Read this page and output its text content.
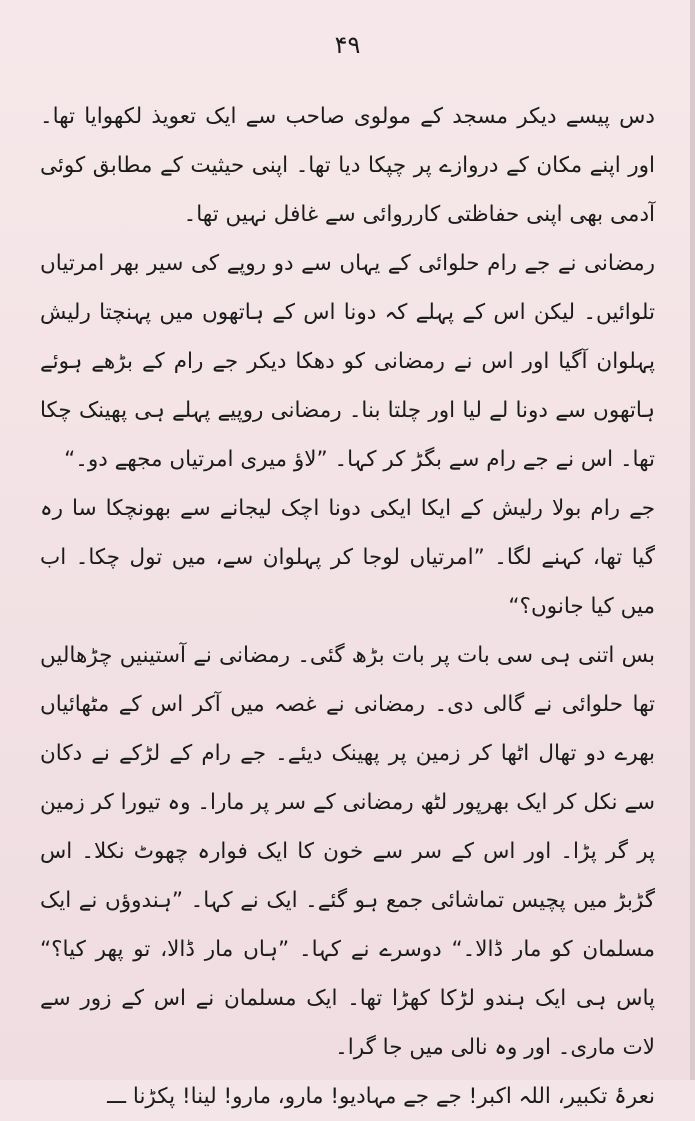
۴۹

دس پیسے دیکر مسجد کے مولوی صاحب سے ایک تعویذ لکھوایا تھا۔ اور اپنے مکان کے دروازے پر چپکا دیا تھا۔ اپنی حیثیت کے مطابق کوئی آدمی بھی اپنی حفاظتی کارروائی سے غافل نہیں تھا۔

رمضانی نے جے رام حلوائی کے یہاں سے دو روپے کی سیر بھر امرتیاں تلوائیں۔ لیکن اس کے پہلے کہ دونا اس کے ہاتھوں میں پہنچتا رلیش پہلوان آگیا اور اس نے رمضانی کو دھکا دیکر جے رام کے بڑھے ہوئے ہاتھوں سے دونا لے لیا اور چلتا بنا۔ رمضانی روپیے پہلے ہی پھینک چکا تھا۔ اس نے جے رام سے بگڑ کر کہا۔ ”لاؤ میری امرتیاں مجھے دو۔“

جے رام بولا رلیش کے ایکا ایکی دونا اچک لیجانے سے بھونچکا سا رہ گیا تھا، کہنے لگا۔ ”امرتیاں لوجا کر پہلوان سے، میں تول چکا۔ اب میں کیا جانوں؟“

بس اتنی ہی سی بات پر بات بڑھ گئی۔ رمضانی نے آستینیں چڑھالیں تھا حلوائی نے گالی دی۔ رمضانی نے غصہ میں آکر اس کے مٹھائیاں بھرے دو تھال اٹھا کر زمین پر پھینک دیئے۔ جے رام کے لڑکے نے دکان سے نکل کر ایک بھرپور لٹھ رمضانی کے سر پر مارا۔ وہ تیورا کر زمین پر گر پڑا۔ اور اس کے سر سے خون کا ایک فوارہ چھوٹ نکلا۔ اس گڑبڑ میں پچیس تماشائی جمع ہو گئے۔ ایک نے کہا۔ ”ہندوؤں نے ایک مسلمان کو مار ڈالا۔“ دوسرے نے کہا۔ ”ہاں مار ڈالا، تو پھر کیا؟“ پاس ہی ایک ہندو لڑکا کھڑا تھا۔ ایک مسلمان نے اس کے زور سے لات ماری۔ اور وہ نالی میں جا گرا۔

نعرۂ تکبیر، اللہ اکبر! جے جے مہادیو! مارو، مارو! لینا! پکڑنا ـــ
